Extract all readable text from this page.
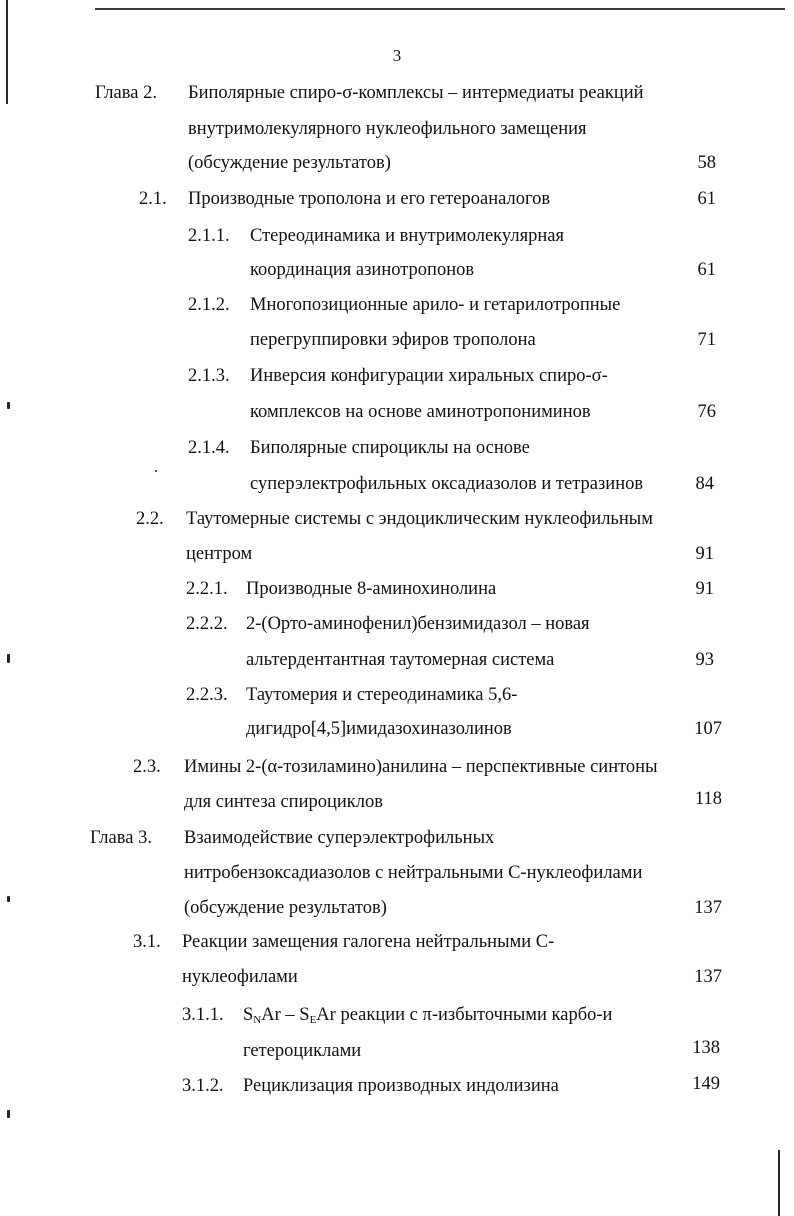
3
Глава 2. Биполярные спиро-σ-комплексы – интермедиаты реакций
внутримолекулярного нуклеофильного замещения
(обсуждение результатов)	58
2.1. Производные трополона и его гетероаналогов	61
2.1.1. Стереодинамика и внутримолекулярная
координация азинотропонов	61
2.1.2. Многопозиционные арило- и гетарилотропные
перегруппировки эфиров трополона	71
2.1.3. Инверсия конфигурации хиральных спиро-σ-
комплексов на основе аминотропониминов	76
2.1.4. Биполярные спироциклы на основе
суперэлектрофильных оксадиазолов и тетразинов	84
2.2. Таутомерные системы с эндоциклическим нуклеофильным
центром	91
2.2.1. Производные 8-аминохинолина	91
2.2.2. 2-(Орто-аминофенил)бензимидазол – новая
альтердентантная таутомерная система	93
2.2.3. Таутомерия и стереодинамика 5,6-
дигидро[4,5]имидазохиназолинов	107
2.3. Имины 2-(α-тозиламино)анилина – перспективные синтоны
для синтеза спироциклов	118
Глава 3. Взаимодействие суперэлектрофильных
нитробензоксадиазолов с нейтральными С-нуклеофилами
(обсуждение результатов)	137
3.1. Реакции замещения галогена нейтральными С-
нуклеофилами	137
3.1.1. $S_NAr - S_EAr$ реакции с π-избыточными карбо-и
гетероциклами	138
3.1.2. Рециклизация производных индолизина	149
